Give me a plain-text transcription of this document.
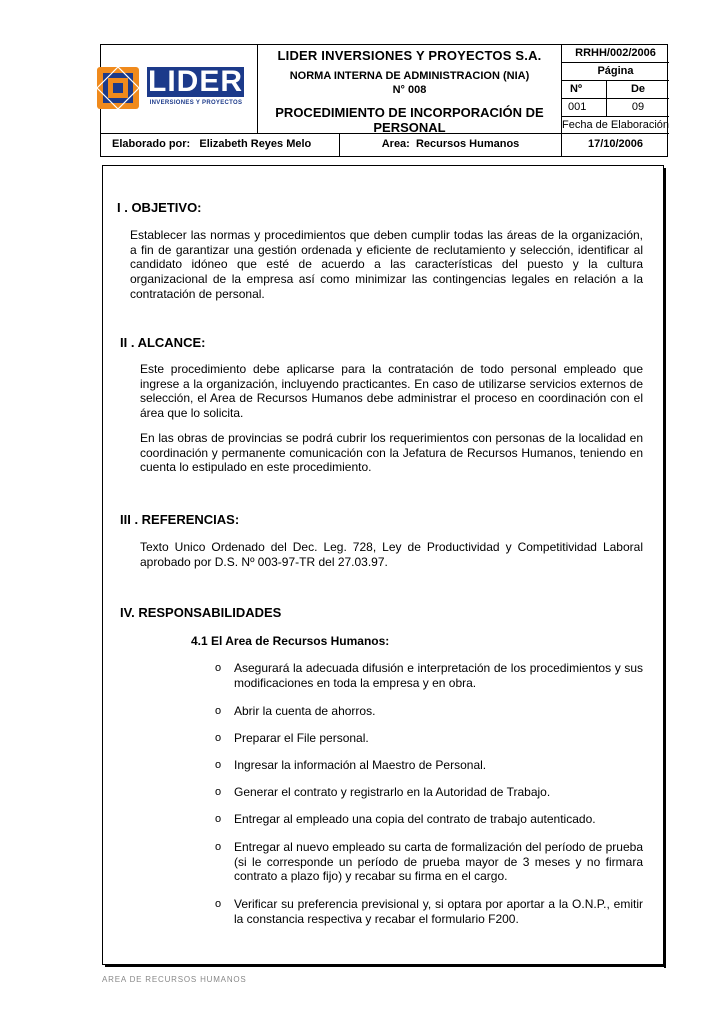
LIDER
INVERSIONES Y PROYECTOS
LIDER INVERSIONES Y PROYECTOS S.A.
NORMA INTERNA DE ADMINISTRACION (NIA)
N° 008
PROCEDIMIENTO DE INCORPORACIÓN DE PERSONAL
RRHH/002/2006
Página
Nº	De
001	09
Fecha de Elaboración
Elaborado por: Elizabeth Reyes Melo	Area: Recursos Humanos	17/10/2006
I . OBJETIVO:
Establecer las normas y procedimientos que deben cumplir todas las áreas de la organización, a fin de garantizar una gestión ordenada y eficiente de reclutamiento y selección, identificar al candidato idóneo que esté de acuerdo a las características del puesto y la cultura organizacional de la empresa así como minimizar las contingencias legales en relación a la contratación de personal.
II . ALCANCE:
Este procedimiento debe aplicarse para la contratación de todo personal empleado que ingrese a la organización, incluyendo practicantes. En caso de utilizarse servicios externos de selección, el Area de Recursos Humanos debe administrar el proceso en coordinación con el área que lo solicita.
En las obras de provincias se podrá cubrir los requerimientos con personas de la localidad en coordinación y permanente comunicación con la Jefatura de Recursos Humanos, teniendo en cuenta lo estipulado en este procedimiento.
III . REFERENCIAS:
Texto Unico Ordenado del Dec. Leg. 728, Ley de Productividad y Competitividad Laboral aprobado por D.S. Nº 003-97-TR del 27.03.97.
IV. RESPONSABILIDADES
4.1 El Area de Recursos Humanos:
o Asegurará la adecuada difusión e interpretación de los procedimientos y sus modificaciones en toda la empresa y en obra.
o Abrir la cuenta de ahorros.
o Preparar el File personal.
o Ingresar la información al Maestro de Personal.
o Generar el contrato y registrarlo en la Autoridad de Trabajo.
o Entregar al empleado una copia del contrato de trabajo autenticado.
o Entregar al nuevo empleado su carta de formalización del período de prueba (si le corresponde un período de prueba mayor de 3 meses y no firmara contrato a plazo fijo) y recabar su firma en el cargo.
o Verificar su preferencia previsional y, si optara por aportar a la O.N.P., emitir la constancia respectiva y recabar el formulario F200.
AREA DE RECURSOS HUMANOS
